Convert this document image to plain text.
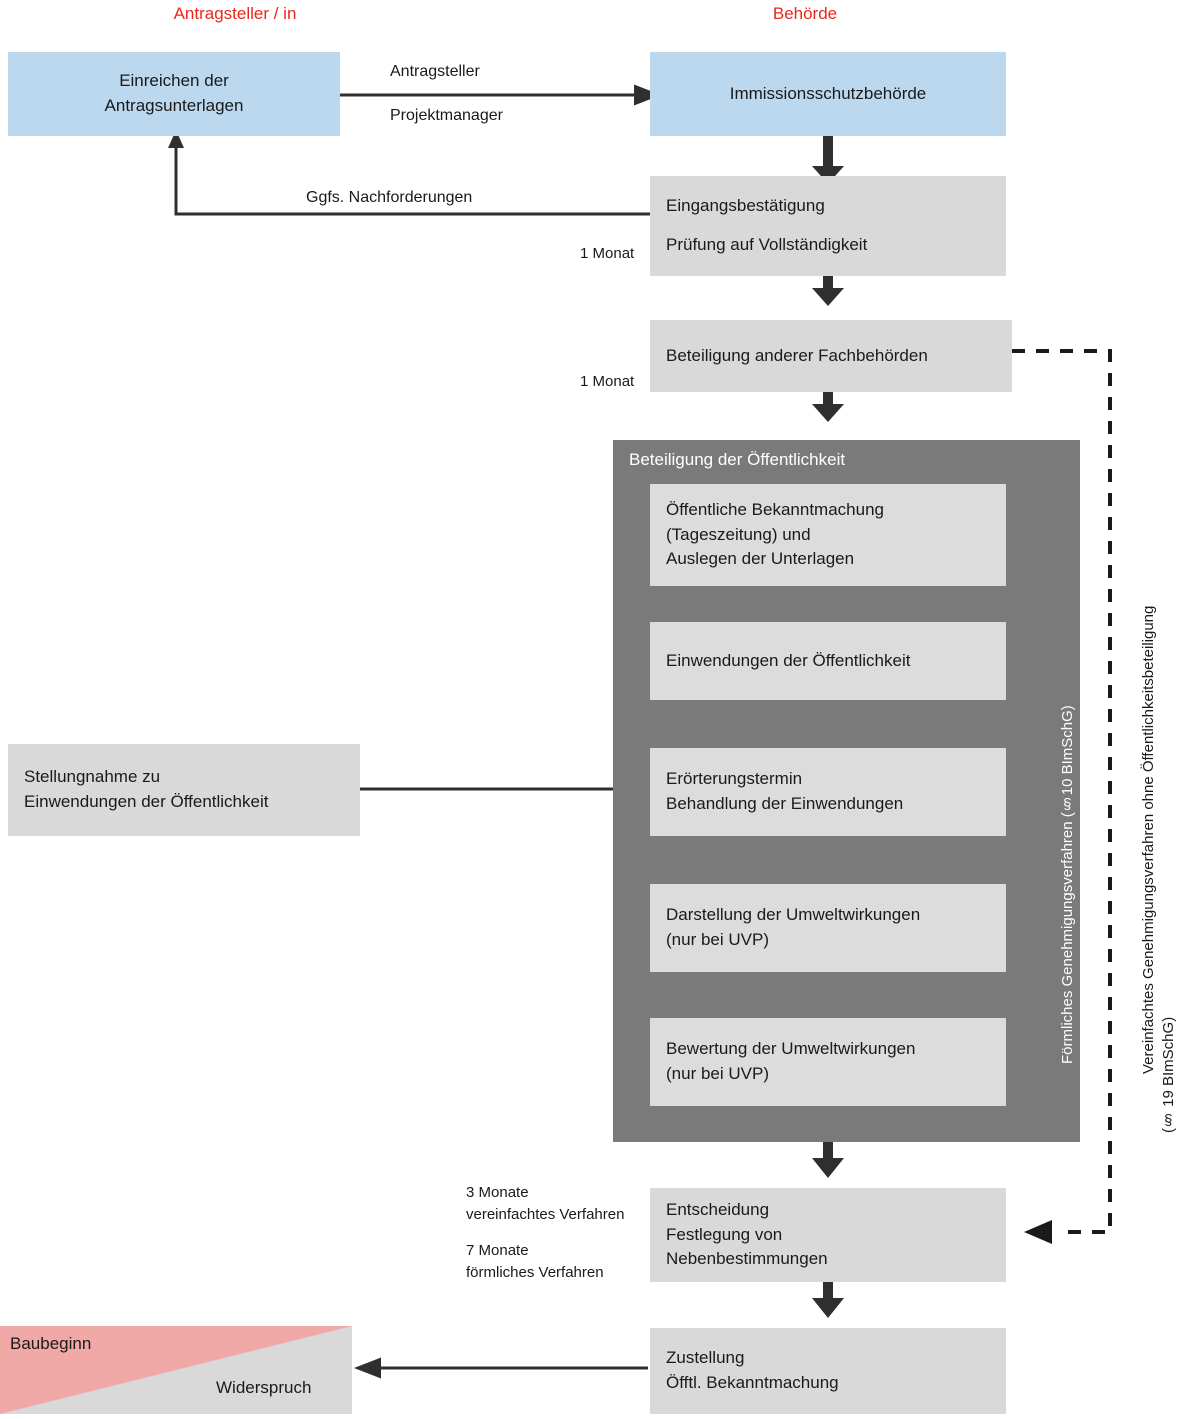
Antragsteller / in	Behörde
Einreichen der
Antragsunterlagen
Immissionsschutzbehörde
Eingangsbestätigung
Prüfung auf Vollständigkeit
Beteiligung anderer Fachbehörden
Beteiligung der Öffentlichkeit
Förmliches Genehmigungsverfahren (§10 BImSchG)
Öffentliche Bekanntmachung
(Tageszeitung) und
Auslegen der Unterlagen
Einwendungen der Öffentlichkeit
Erörterungstermin
Behandlung der Einwendungen
Darstellung der Umweltwirkungen
(nur bei UVP)
Bewertung der Umweltwirkungen
(nur bei UVP)
Stellungnahme zu
Einwendungen der Öffentlichkeit
Entscheidung
Festlegung von
Nebenbestimmungen
Zustellung
Öfftl. Bekanntmachung
Baubeginn
Widerspruch
Antragsteller
Projektmanager
Ggfs. Nachforderungen
1 Monat
1 Monat
3 Monate
vereinfachtes Verfahren
7 Monate
förmliches Verfahren
Vereinfachtes Genehmigungsverfahren ohne Öffentlichkeitsbeteiligung
(§ 19 BImSchG)
